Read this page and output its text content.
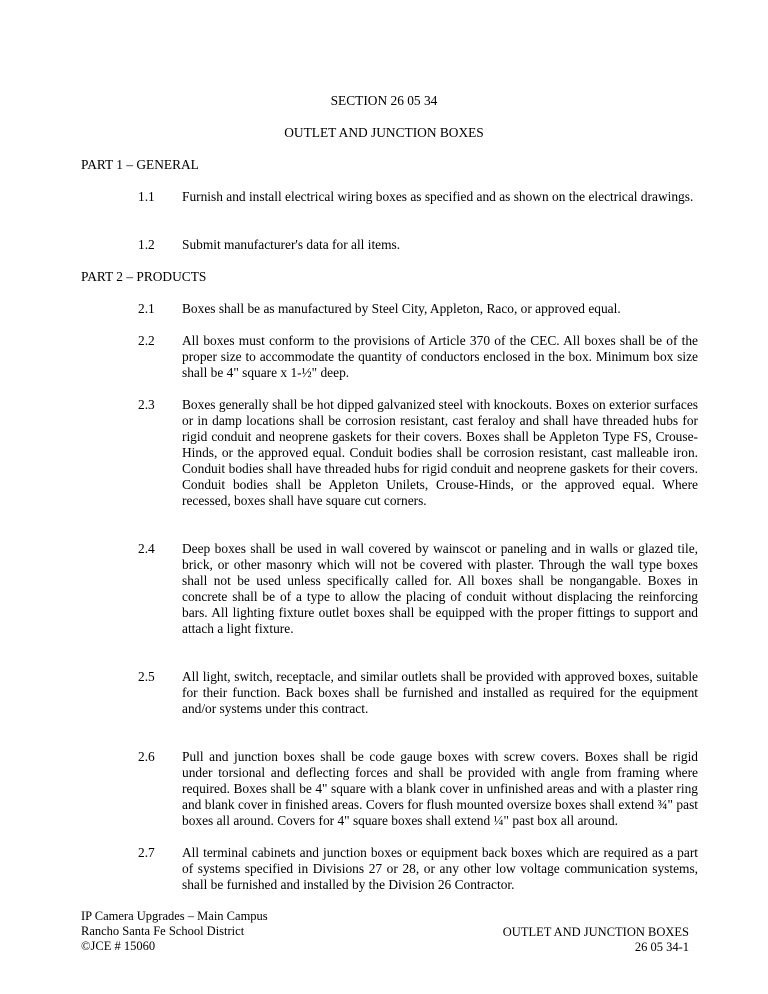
SECTION 26 05 34
OUTLET AND JUNCTION BOXES
PART 1 – GENERAL
1.1 Furnish and install electrical wiring boxes as specified and as shown on the electrical drawings.
1.2 Submit manufacturer's data for all items.
PART 2 – PRODUCTS
2.1 Boxes shall be as manufactured by Steel City, Appleton, Raco, or approved equal.
2.2 All boxes must conform to the provisions of Article 370 of the CEC. All boxes shall be of the proper size to accommodate the quantity of conductors enclosed in the box. Minimum box size shall be 4" square x 1-½" deep.
2.3 Boxes generally shall be hot dipped galvanized steel with knockouts. Boxes on exterior surfaces or in damp locations shall be corrosion resistant, cast feraloy and shall have threaded hubs for rigid conduit and neoprene gaskets for their covers. Boxes shall be Appleton Type FS, Crouse-Hinds, or the approved equal. Conduit bodies shall be corrosion resistant, cast malleable iron. Conduit bodies shall have threaded hubs for rigid conduit and neoprene gaskets for their covers. Conduit bodies shall be Appleton Unilets, Crouse-Hinds, or the approved equal. Where recessed, boxes shall have square cut corners.
2.4 Deep boxes shall be used in wall covered by wainscot or paneling and in walls or glazed tile, brick, or other masonry which will not be covered with plaster. Through the wall type boxes shall not be used unless specifically called for. All boxes shall be nongangable. Boxes in concrete shall be of a type to allow the placing of conduit without displacing the reinforcing bars. All lighting fixture outlet boxes shall be equipped with the proper fittings to support and attach a light fixture.
2.5 All light, switch, receptacle, and similar outlets shall be provided with approved boxes, suitable for their function. Back boxes shall be furnished and installed as required for the equipment and/or systems under this contract.
2.6 Pull and junction boxes shall be code gauge boxes with screw covers. Boxes shall be rigid under torsional and deflecting forces and shall be provided with angle from framing where required. Boxes shall be 4" square with a blank cover in unfinished areas and with a plaster ring and blank cover in finished areas. Covers for flush mounted oversize boxes shall extend ¾" past boxes all around. Covers for 4" square boxes shall extend ¼" past box all around.
2.7 All terminal cabinets and junction boxes or equipment back boxes which are required as a part of systems specified in Divisions 27 or 28, or any other low voltage communication systems, shall be furnished and installed by the Division 26 Contractor.
IP Camera Upgrades – Main Campus
Rancho Santa Fe School District
©JCE # 15060
OUTLET AND JUNCTION BOXES
26 05 34-1
